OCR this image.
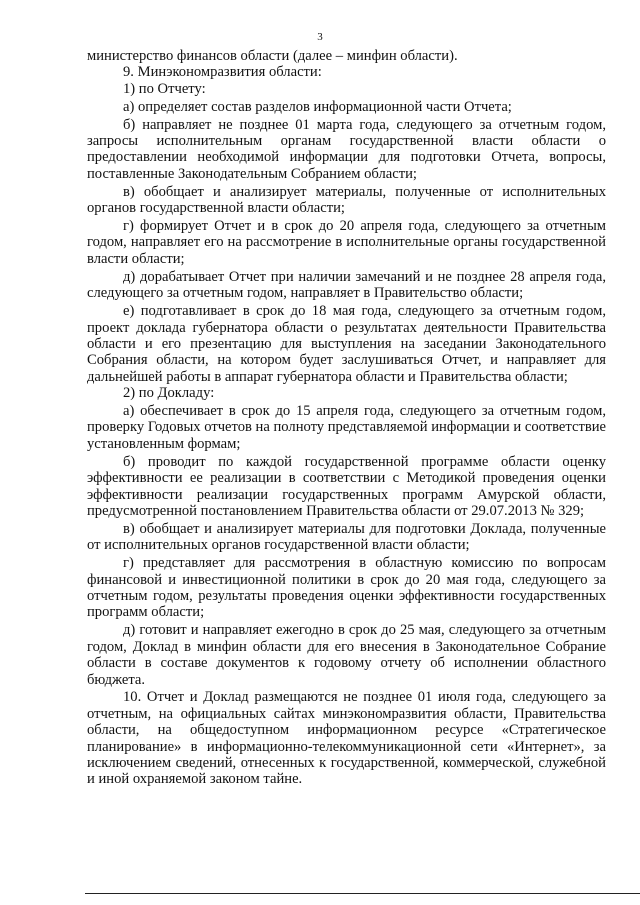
3

министерство финансов области (далее – минфин области).

9. Минэкономразвития области:

1) по Отчету:

а) определяет состав разделов информационной части Отчета;

б) направляет не позднее 01 марта года, следующего за отчетным годом, запросы исполнительным органам государственной власти области о предоставлении необходимой информации для подготовки Отчета, вопросы, поставленные Законодательным Собранием области;

в) обобщает и анализирует материалы, полученные от исполнительных органов государственной власти области;

г) формирует Отчет и в срок до 20 апреля года, следующего за отчетным годом, направляет его на рассмотрение в исполнительные органы государственной власти области;

д) дорабатывает Отчет при наличии замечаний и не позднее 28 апреля года, следующего за отчетным годом, направляет в Правительство области;

е) подготавливает в срок до 18 мая года, следующего за отчетным годом, проект доклада губернатора области о результатах деятельности Правительства области и его презентацию для выступления на заседании Законодательного Собрания области, на котором будет заслушиваться Отчет, и направляет для дальнейшей работы в аппарат губернатора области и Правительства области;

2) по Докладу:

а) обеспечивает в срок до 15 апреля года, следующего за отчетным годом, проверку Годовых отчетов на полноту представляемой информации и соответствие установленным формам;

б) проводит по каждой государственной программе области оценку эффективности ее реализации в соответствии с Методикой проведения оценки эффективности реализации государственных программ Амурской области, предусмотренной постановлением Правительства области от 29.07.2013 № 329;

в) обобщает и анализирует материалы для подготовки Доклада, полученные от исполнительных органов государственной власти области;

г) представляет для рассмотрения в областную комиссию по вопросам финансовой и инвестиционной политики в срок до 20 мая года, следующего за отчетным годом, результаты проведения оценки эффективности государственных программ области;

д) готовит и направляет ежегодно в срок до 25 мая, следующего за отчетным годом, Доклад в минфин области для его внесения в Законодательное Собрание области в составе документов к годовому отчету об исполнении областного бюджета.

10. Отчет и Доклад размещаются не позднее 01 июля года, следующего за отчетным, на официальных сайтах минэкономразвития области, Правительства области, на общедоступном информационном ресурсе «Стратегическое планирование» в информационно-телекоммуникационной сети «Интернет», за исключением сведений, отнесенных к государственной, коммерческой, служебной и иной охраняемой законом тайне.
